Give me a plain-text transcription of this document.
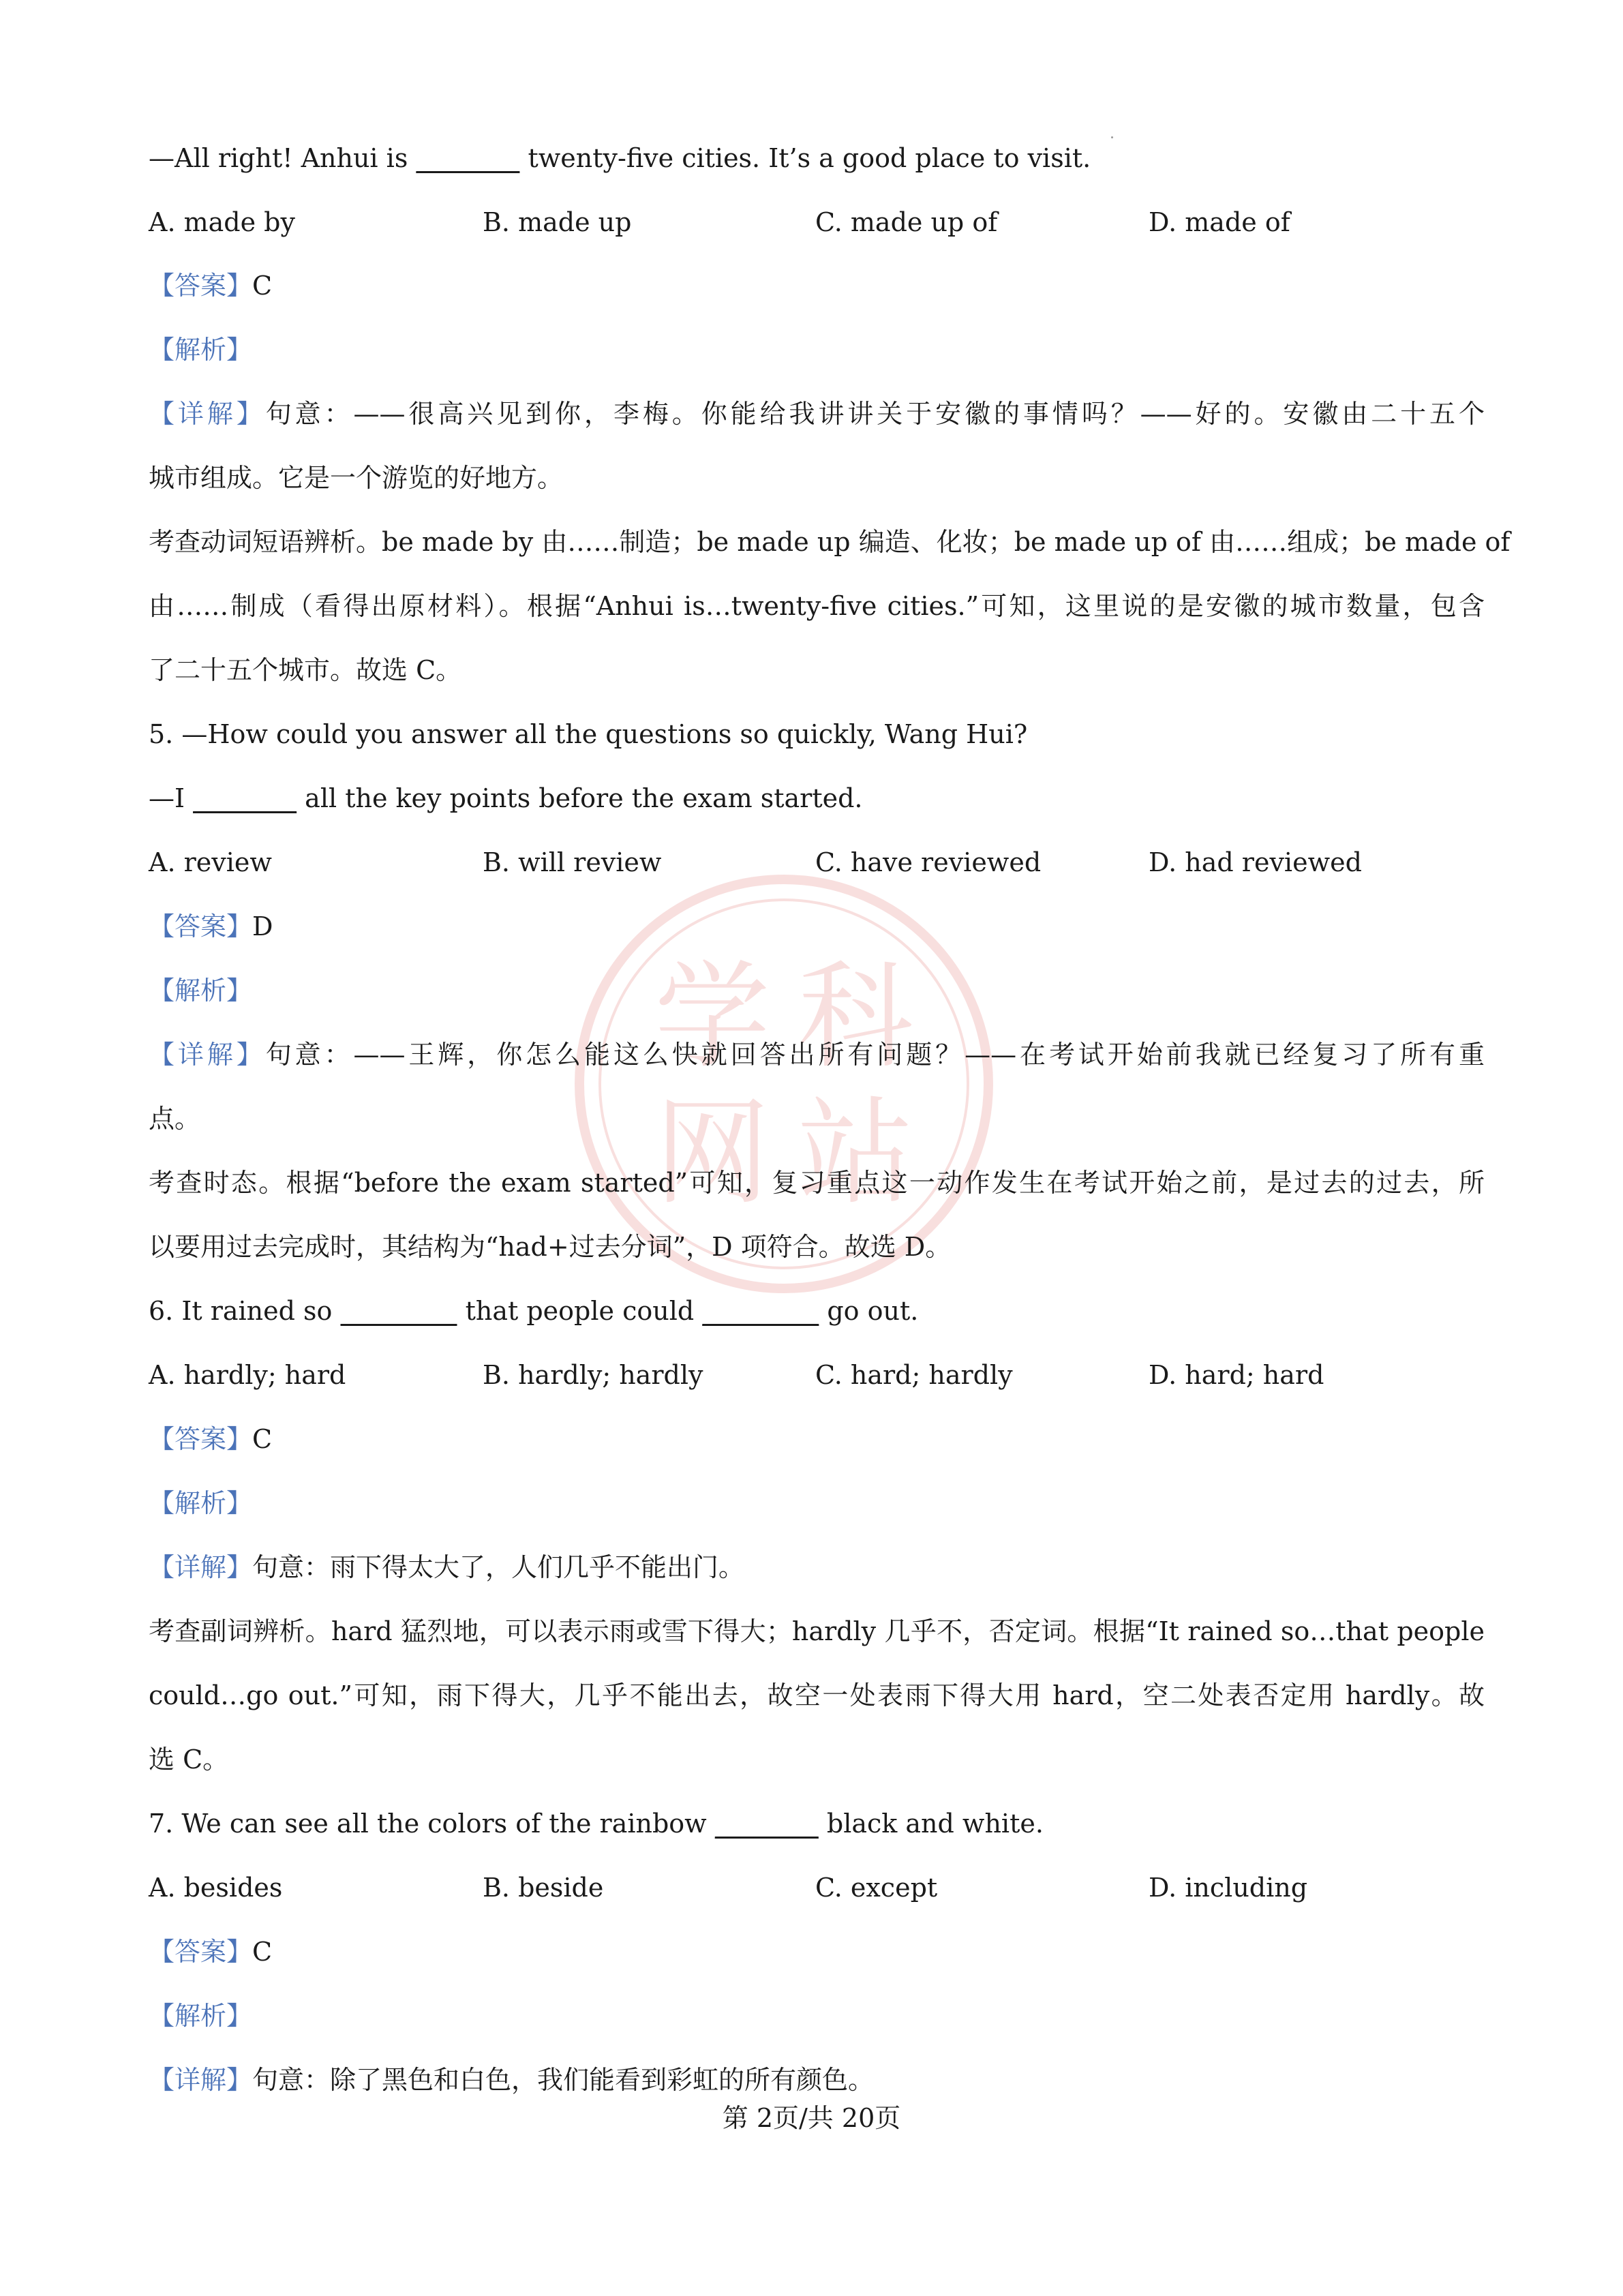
学 科
网 站
—All right! Anhui is ________ twenty-five cities. It’s a good place to visit.
A. made by	B. made up	C. made up of	D. made of
【答案】C
【解析】
【详解】句意：——很高兴见到你，李梅。你能给我讲讲关于安徽的事情吗？——好的。安徽由二十五个
城市组成。它是一个游览的好地方。
考查动词短语辨析。be made by 由……制造；be made up 编造、化妆；be made up of 由……组成；be made of
由……制成（看得出原材料）。根据“Anhui is…twenty-five cities.”可知，这里说的是安徽的城市数量，包含
了二十五个城市。故选 C。
5. —How could you answer all the questions so quickly, Wang Hui?
—I ________ all the key points before the exam started.
A. review	B. will review	C. have reviewed	D. had reviewed
【答案】D
【解析】
【详解】句意：——王辉，你怎么能这么快就回答出所有问题？——在考试开始前我就已经复习了所有重
点。
考查时态。根据“before the exam started”可知，复习重点这一动作发生在考试开始之前，是过去的过去，所
以要用过去完成时，其结构为“had+过去分词”，D 项符合。故选 D。
6. It rained so _________ that people could _________ go out.
A. hardly; hard	B. hardly; hardly	C. hard; hardly	D. hard; hard
【答案】C
【解析】
【详解】句意：雨下得太大了，人们几乎不能出门。
考查副词辨析。hard 猛烈地，可以表示雨或雪下得大；hardly 几乎不，否定词。根据“It rained so…that people
could…go out.”可知，雨下得大，几乎不能出去，故空一处表雨下得大用 hard，空二处表否定用 hardly。故
选 C。
7. We can see all the colors of the rainbow ________ black and white.
A. besides	B. beside	C. except	D. including
【答案】C
【解析】
【详解】句意：除了黑色和白色，我们能看到彩虹的所有颜色。
第 2页/共 20页
